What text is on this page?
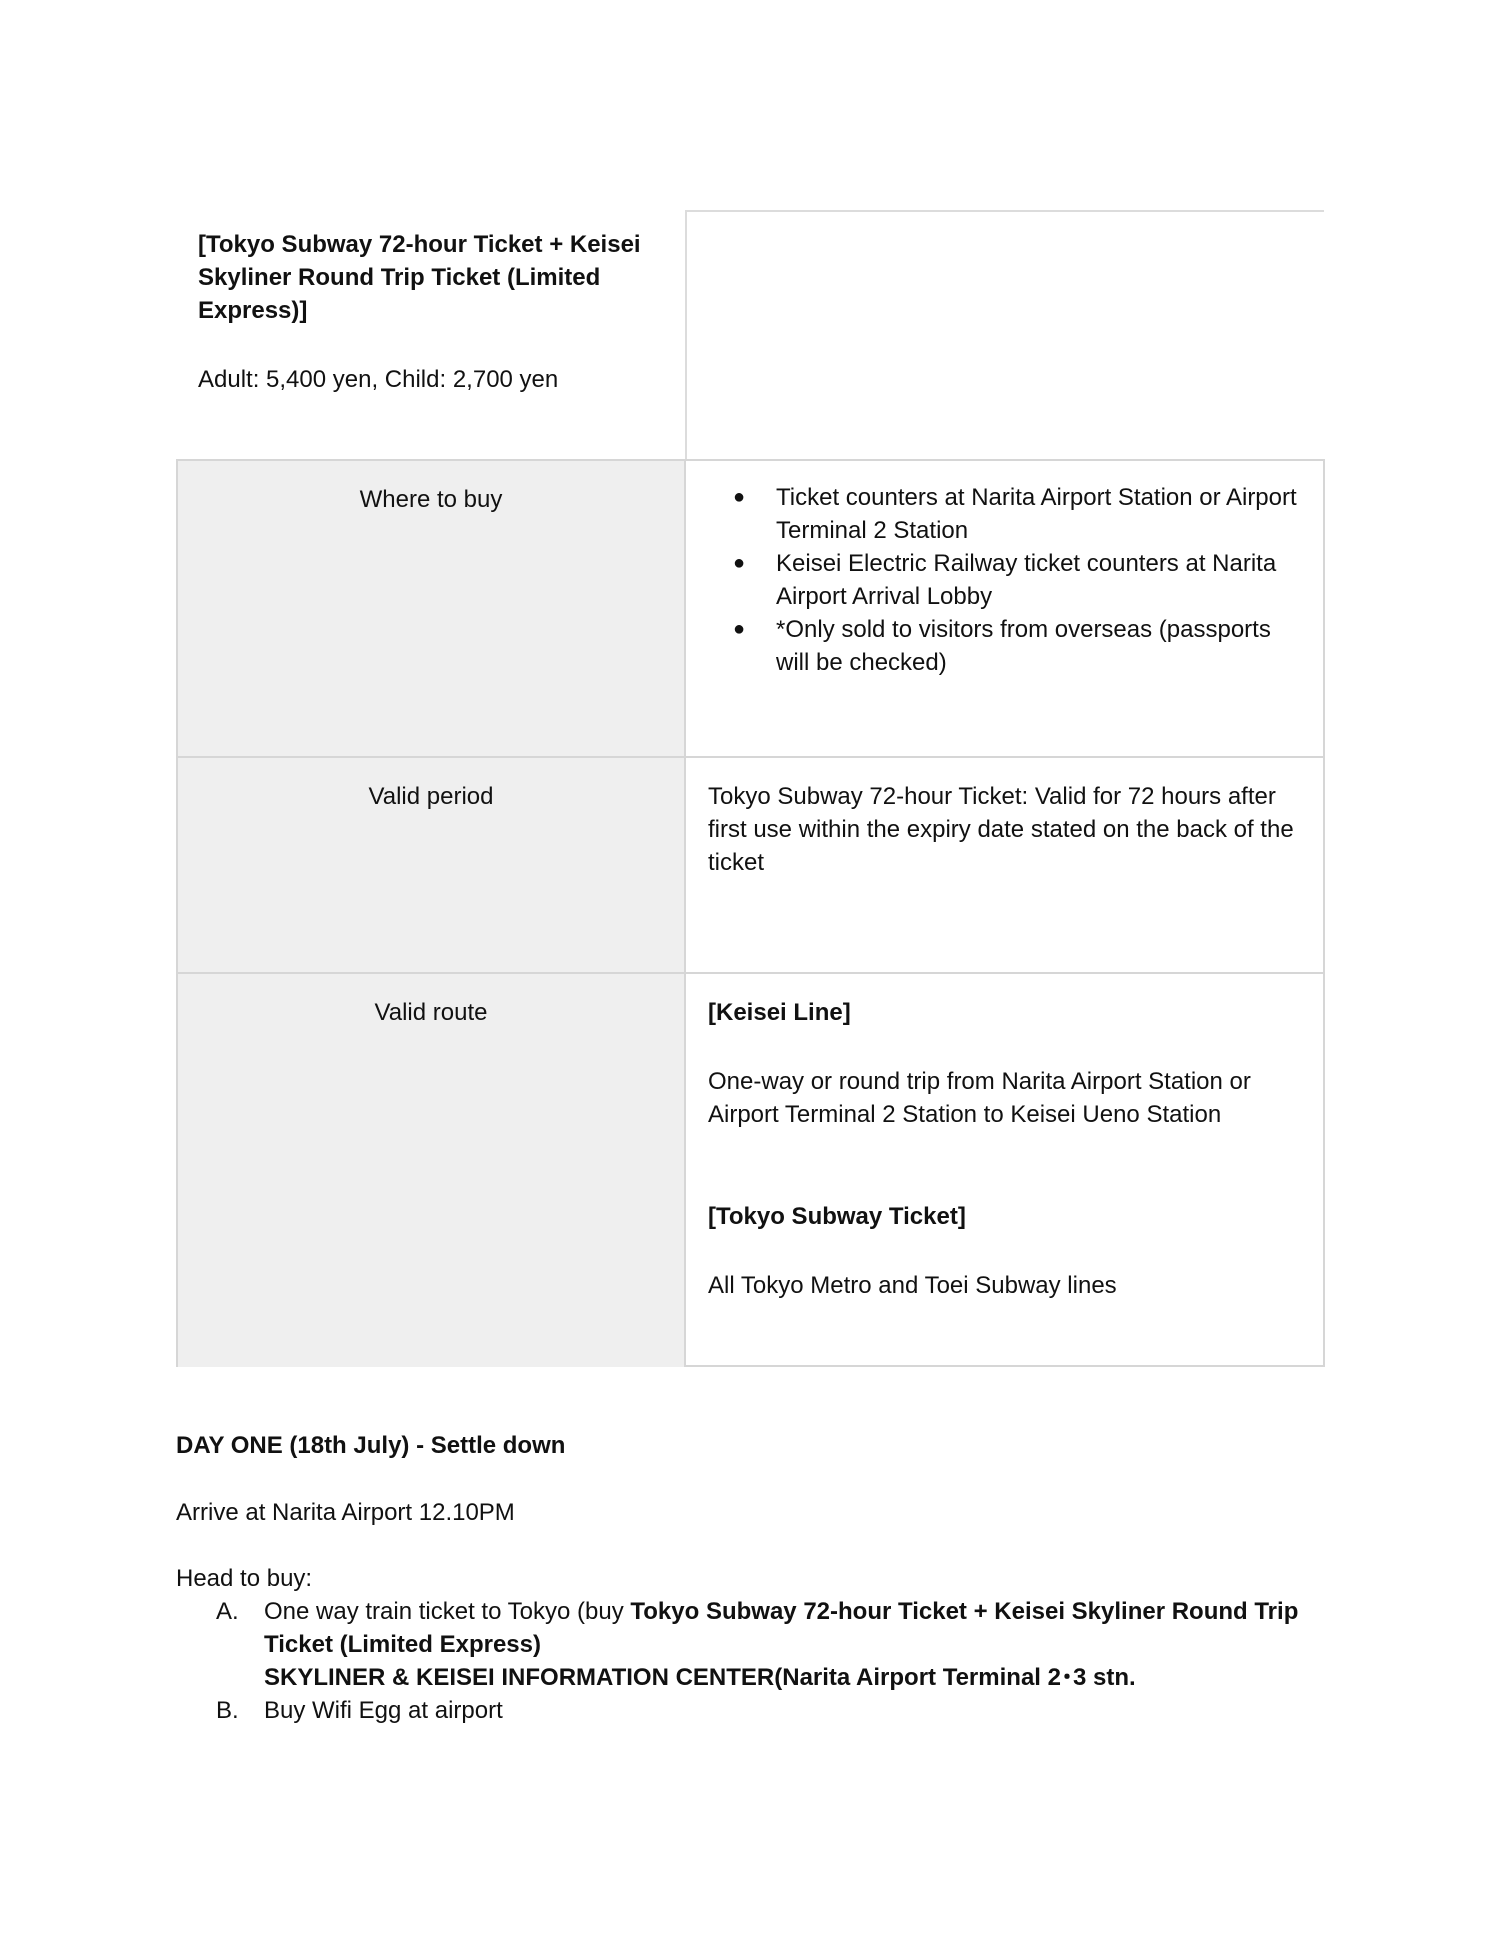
[Tokyo Subway 72-hour Ticket + Keisei Skyliner Round Trip Ticket (Limited Express)]
Adult: 5,400 yen, Child: 2,700 yen
Where to buy	● Ticket counters at Narita Airport Station or Airport Terminal 2 Station
● Keisei Electric Railway ticket counters at Narita Airport Arrival Lobby
● *Only sold to visitors from overseas (passports will be checked)
Valid period	Tokyo Subway 72-hour Ticket: Valid for 72 hours after first use within the expiry date stated on the back of the ticket
Valid route	[Keisei Line]
One-way or round trip from Narita Airport Station or Airport Terminal 2 Station to Keisei Ueno Station
[Tokyo Subway Ticket]
All Tokyo Metro and Toei Subway lines
DAY ONE (18th July) - Settle down
Arrive at Narita Airport 12.10PM
Head to buy:
A. One way train ticket to Tokyo (buy Tokyo Subway 72-hour Ticket + Keisei Skyliner Round Trip Ticket (Limited Express)
SKYLINER & KEISEI INFORMATION CENTER(Narita Airport Terminal 2･3 stn.
B. Buy Wifi Egg at airport
